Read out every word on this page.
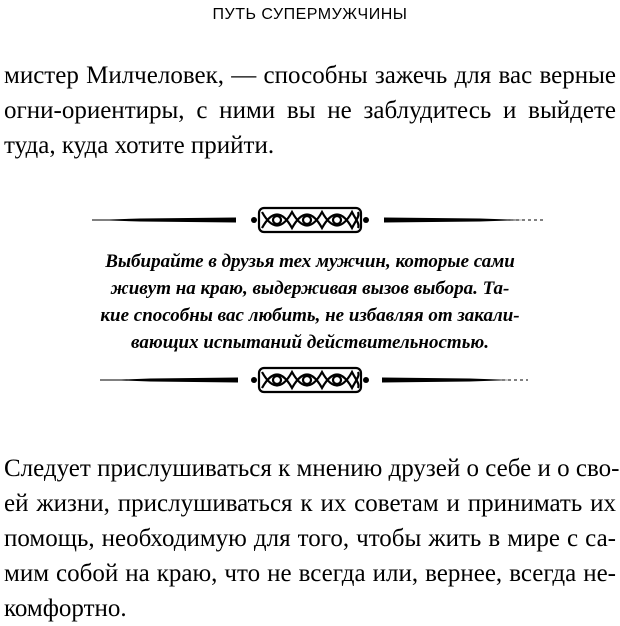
ПУТЬ СУПЕРМУЖЧИНЫ
мистер Милчеловек, — способны зажечь для вас верные
огни-ориентиры, с ними вы не заблудитесь и выйдете
туда, куда хотите прийти.
Выбирайте в друзья тех мужчин, которые сами
живут на краю, выдерживая вызов выбора. Та-
кие способны вас любить, не избавляя от закали-
вающих испытаний действительностью.
Следует прислушиваться к мнению друзей о себе и о сво-
ей жизни, прислушиваться к их советам и принимать их
помощь, необходимую для того, чтобы жить в мире с са-
мим собой на краю, что не всегда или, вернее, всегда не-
комфортно.
